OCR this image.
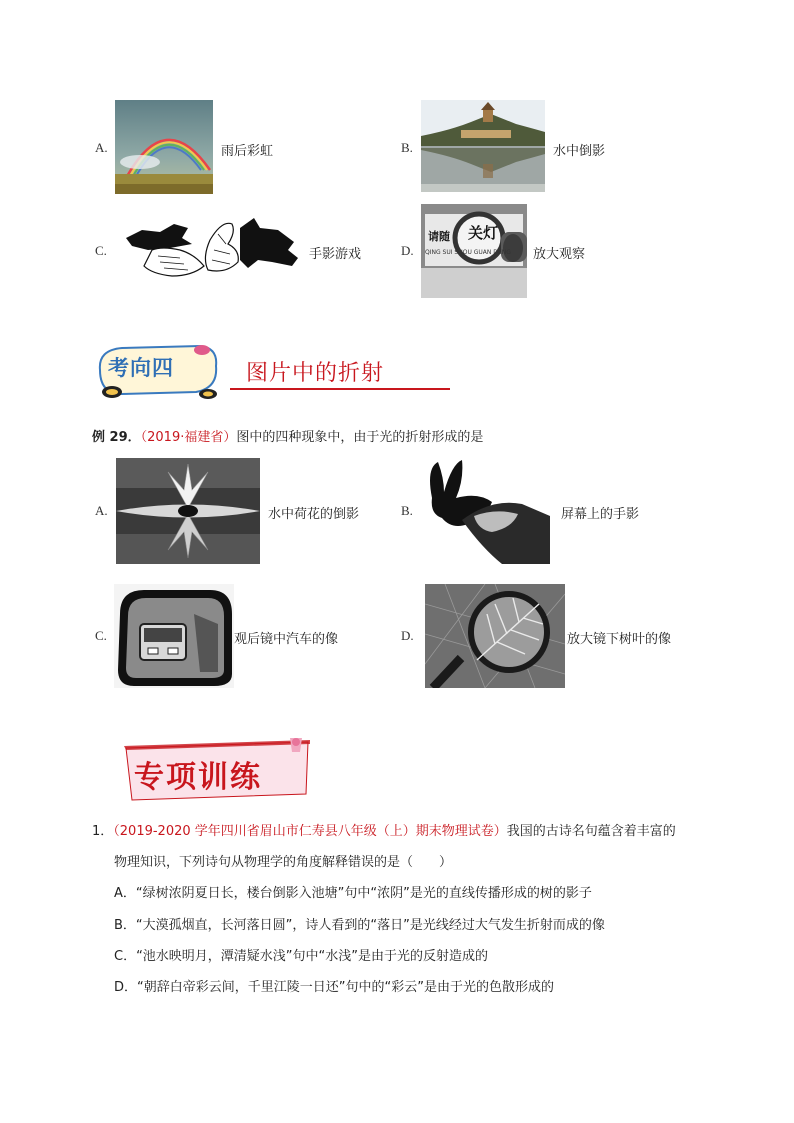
A.	雨后彩虹	B.	水中倒影
C.	手影游戏	D.
请随 关灯
QING SUI SHOU GUAN DENG 放大观察
考向四	图片中的折射
例 29．（2019·福建省）图中的四种现象中，由于光的折射形成的是
A.	水中荷花的倒影	B.	屏幕上的手影
C.	观后镜中汽车的像	D.	放大镜下树叶的像
专项训练
1．（2019-2020 学年四川省眉山市仁寿县八年级（上）期末物理试卷）我国的古诗名句蕴含着丰富的
物理知识，下列诗句从物理学的角度解释错误的是（　　）
A．“绿树浓阴夏日长，楼台倒影入池塘”句中“浓阴”是光的直线传播形成的树的影子
B．“大漠孤烟直，长河落日圆”，诗人看到的“落日”是光线经过大气发生折射而成的像
C．“池水映明月，潭清疑水浅”句中“水浅”是由于光的反射造成的
D．“朝辞白帝彩云间，千里江陵一日还”句中的“彩云”是由于光的色散形成的
